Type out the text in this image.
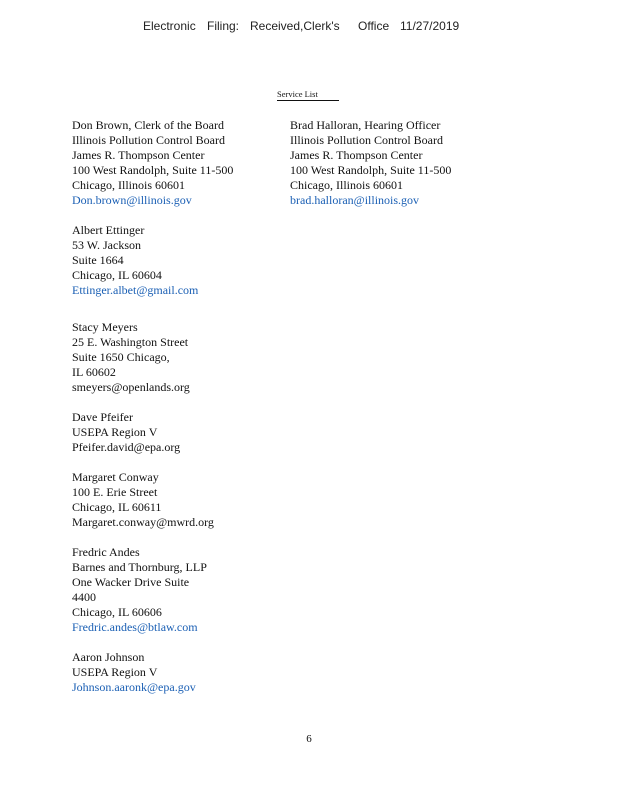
Electronic Filing: Received,Clerk's Office 11/27/2019
Service List
Don Brown, Clerk of the Board
Illinois Pollution Control Board
James R. Thompson Center
100 West Randolph, Suite 11-500
Chicago, Illinois 60601
Don.brown@illinois.gov
Albert Ettinger
53 W. Jackson
Suite 1664
Chicago, IL 60604
Ettinger.albet@gmail.com
Stacy Meyers
25 E. Washington Street
Suite 1650 Chicago,
IL 60602
smeyers@openlands.org
Dave Pfeifer
USEPA Region V
Pfeifer.david@epa.org
Margaret Conway
100 E. Erie Street
Chicago, IL 60611
Margaret.conway@mwrd.org
Fredric Andes
Barnes and Thornburg, LLP
One Wacker Drive Suite
4400
Chicago, IL 60606
Fredric.andes@btlaw.com
Aaron Johnson
USEPA Region V
Johnson.aaronk@epa.gov
Brad Halloran, Hearing Officer
Illinois Pollution Control Board
James R. Thompson Center
100 West Randolph, Suite 11-500
Chicago, Illinois 60601
brad.halloran@illinois.gov
6
